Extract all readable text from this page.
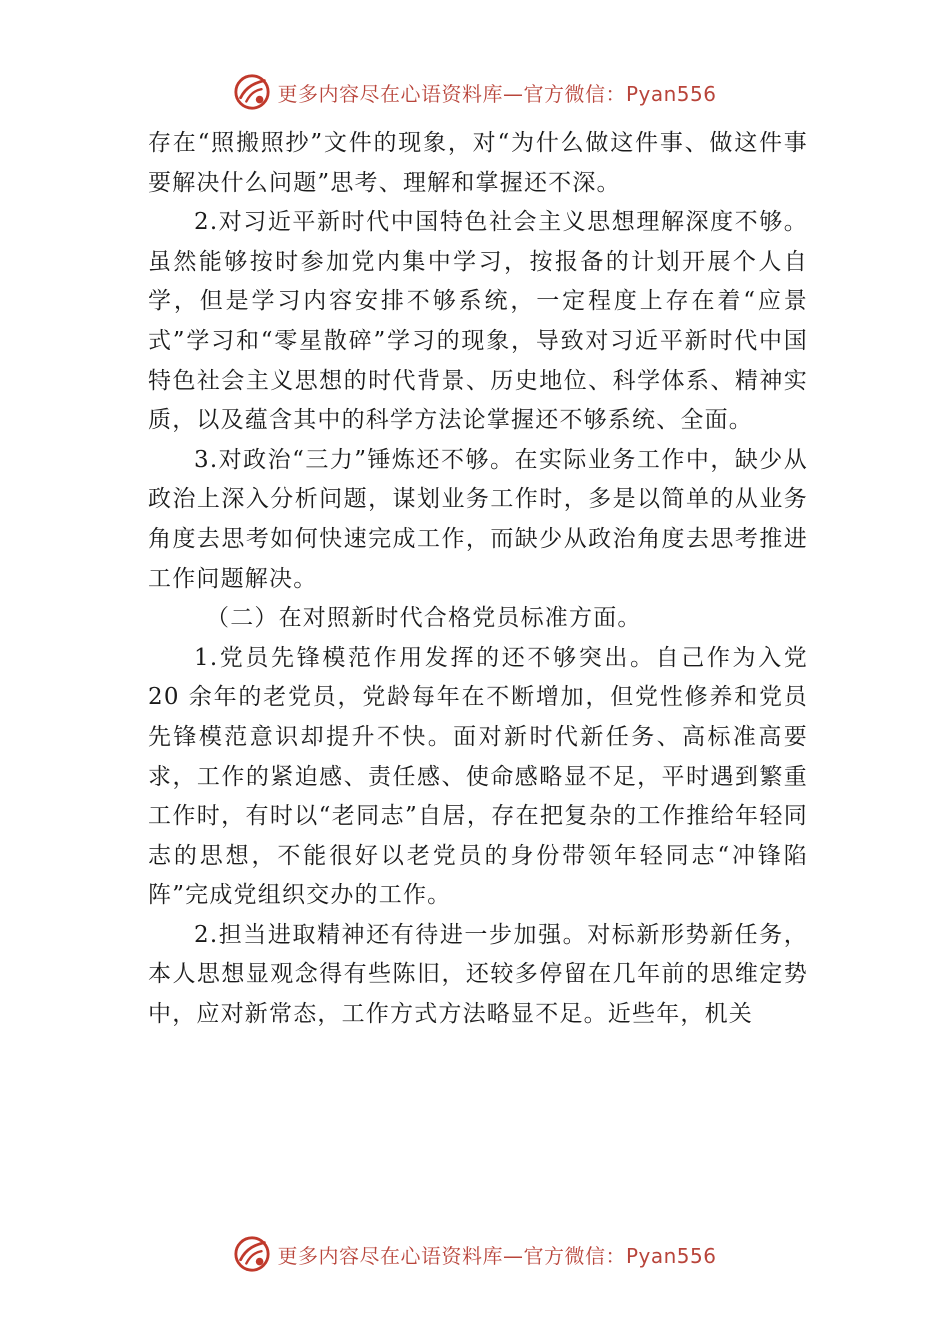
更多内容尽在心语资料库—官方微信：Pyan556

存在“照搬照抄”文件的现象，对“为什么做这件事、做这件事要解决什么问题”思考、理解和掌握还不深。

2.对习近平新时代中国特色社会主义思想理解深度不够。虽然能够按时参加党内集中学习，按报备的计划开展个人自学，但是学习内容安排不够系统，一定程度上存在着“应景式”学习和“零星散碎”学习的现象，导致对习近平新时代中国特色社会主义思想的时代背景、历史地位、科学体系、精神实质，以及蕴含其中的科学方法论掌握还不够系统、全面。

3.对政治“三力”锤炼还不够。在实际业务工作中，缺少从政治上深入分析问题，谋划业务工作时，多是以简单的从业务角度去思考如何快速完成工作，而缺少从政治角度去思考推进工作问题解决。

（二）在对照新时代合格党员标准方面。

1.党员先锋模范作用发挥的还不够突出。自己作为入党 20 余年的老党员，党龄每年在不断增加，但党性修养和党员先锋模范意识却提升不快。面对新时代新任务、高标准高要求，工作的紧迫感、责任感、使命感略显不足，平时遇到繁重工作时，有时以“老同志”自居，存在把复杂的工作推给年轻同志的思想，不能很好以老党员的身份带领年轻同志“冲锋陷阵”完成党组织交办的工作。

2.担当进取精神还有待进一步加强。对标新形势新任务，本人思想显观念得有些陈旧，还较多停留在几年前的思维定势中，应对新常态，工作方式方法略显不足。近些年，机关

更多内容尽在心语资料库—官方微信：Pyan556
